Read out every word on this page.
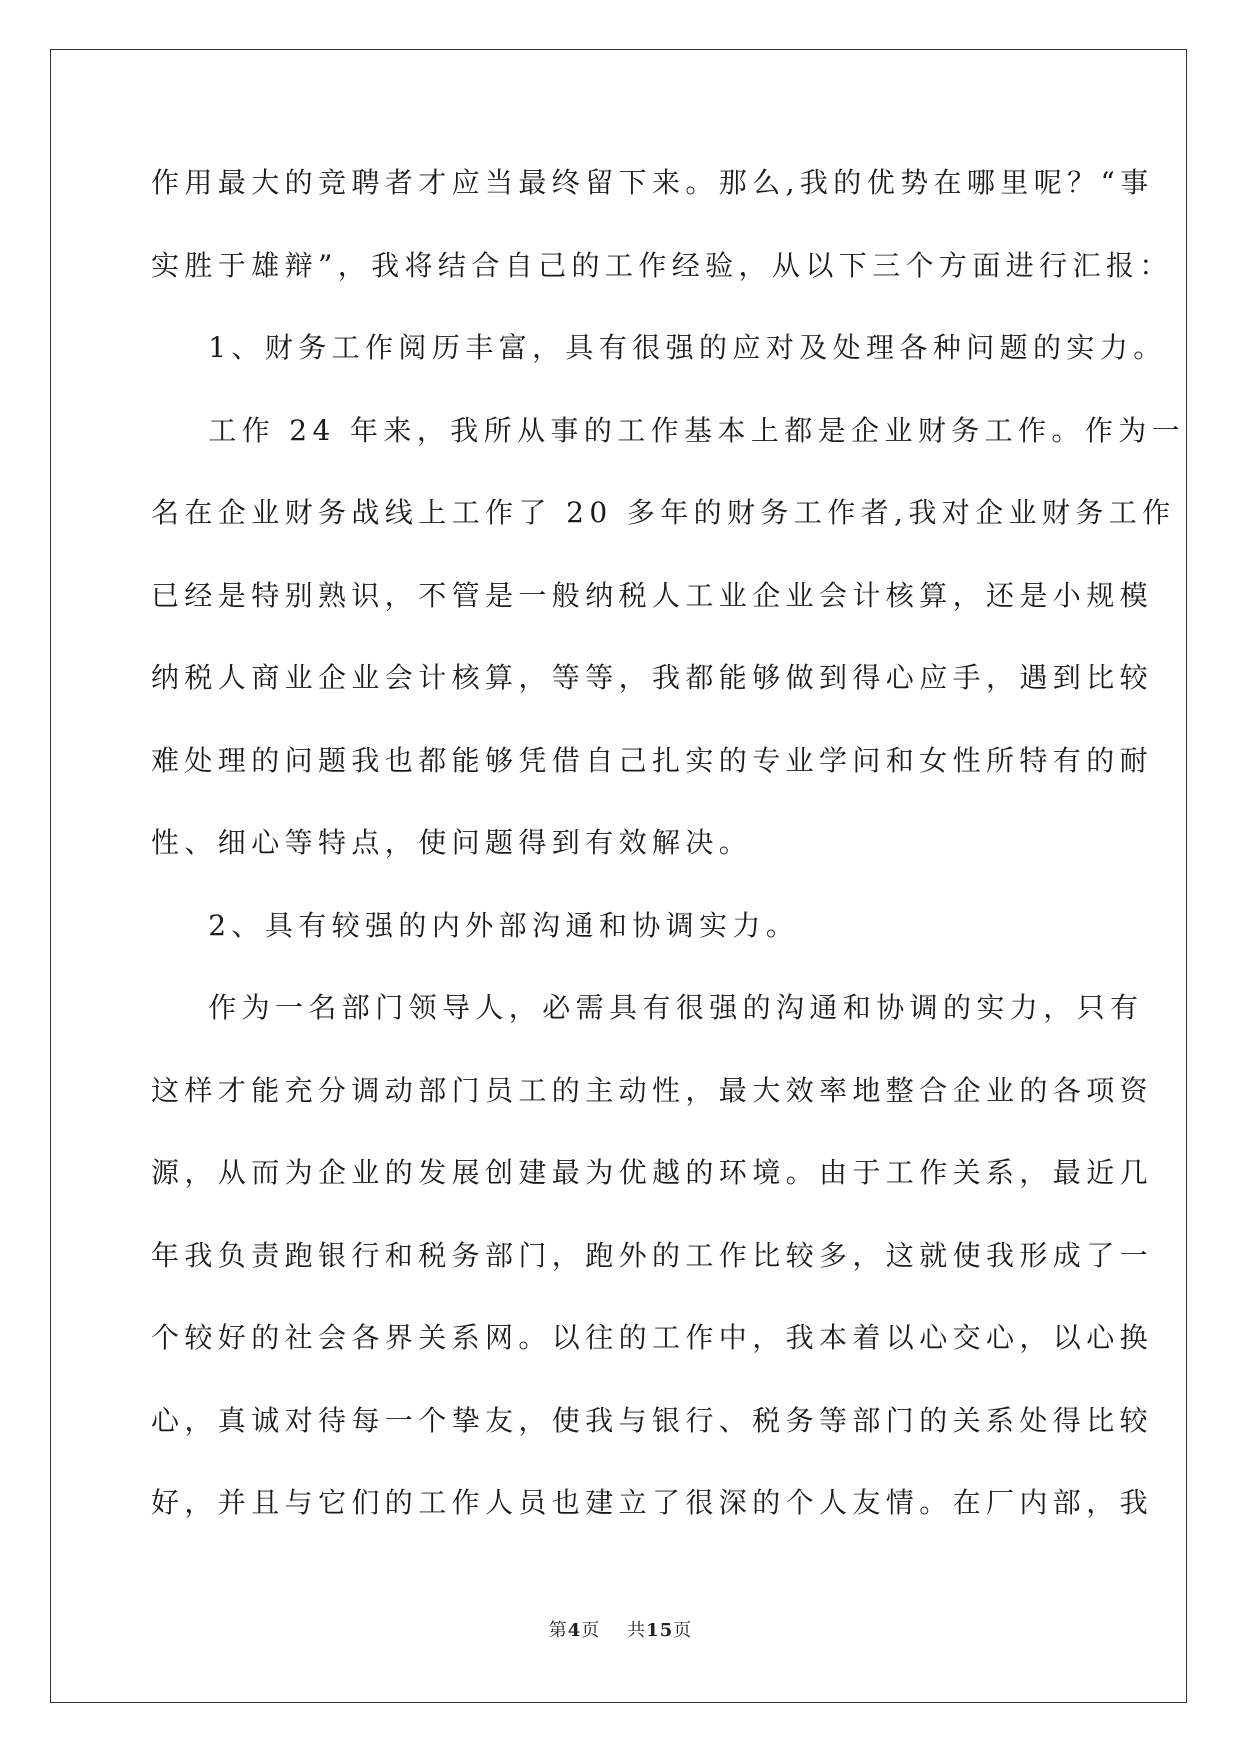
作用最大的竞聘者才应当最终留下来。那么,我的优势在哪里呢？“事
实胜于雄辩”，我将结合自己的工作经验，从以下三个方面进行汇报：
1、财务工作阅历丰富，具有很强的应对及处理各种问题的实力。
工作 24 年来，我所从事的工作基本上都是企业财务工作。作为一
名在企业财务战线上工作了 20 多年的财务工作者,我对企业财务工作
已经是特别熟识，不管是一般纳税人工业企业会计核算，还是小规模
纳税人商业企业会计核算，等等，我都能够做到得心应手，遇到比较
难处理的问题我也都能够凭借自己扎实的专业学问和女性所特有的耐
性、细心等特点，使问题得到有效解决。
2、具有较强的内外部沟通和协调实力。
作为一名部门领导人，必需具有很强的沟通和协调的实力，只有
这样才能充分调动部门员工的主动性，最大效率地整合企业的各项资
源，从而为企业的发展创建最为优越的环境。由于工作关系，最近几
年我负责跑银行和税务部门，跑外的工作比较多，这就使我形成了一
个较好的社会各界关系网。以往的工作中，我本着以心交心，以心换
心，真诚对待每一个挚友，使我与银行、税务等部门的关系处得比较
好，并且与它们的工作人员也建立了很深的个人友情。在厂内部，我
第4页    共15页
